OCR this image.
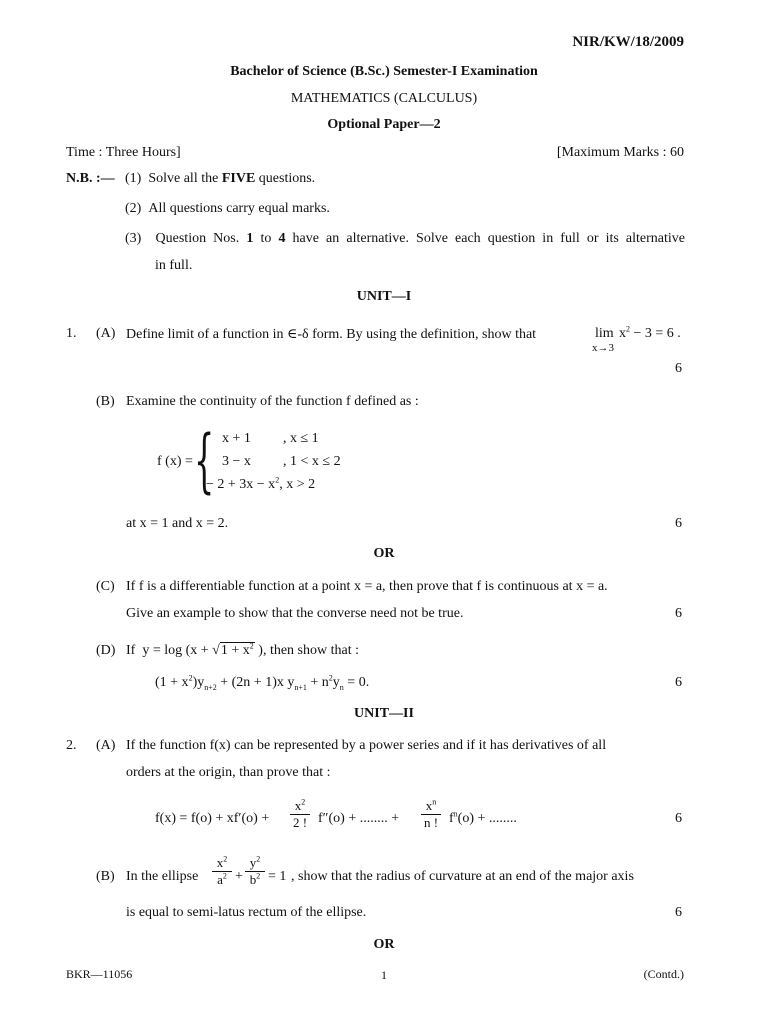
NIR/KW/18/2009
Bachelor of Science (B.Sc.) Semester-I Examination
MATHEMATICS (CALCULUS)
Optional Paper—2
Time : Three Hours]	[Maximum Marks : 60
N.B. :— (1) Solve all the FIVE questions.
(2) All questions carry equal marks.
(3) Question Nos. 1 to 4 have an alternative. Solve each question in full or its alternative
in full.
UNIT—I
1. (A) Define limit of a function in ∈-δ form. By using the definition, show that	lim
x→3
$x^2 - 3 = 6$ .
6
(B) Examine the continuity of the function f defined as :
f (x) = { x + 1 , x ≤ 1
3 − x , 1 < x ≤ 2
− $2 + 3x - x^2$, x > 2
at x = 1 and x = 2.	6
OR
(C) If f is a differentiable function at a point x = a, then prove that f is continuous at x = a.
Give an example to show that the converse need not be true.	6
(D) If $y = \log (x + √1 + x^2$ ), then show that :
$(1 + x^2)y_{n+2} + (2n + 1)x$ $y_{n+1} + n^2y_n = 0$.	6
UNIT—II
2. (A) If the function f(x) can be represented by a power series and if it has derivatives of all
orders at the origin, than prove that :
f(x) = f(o) + xf′(o) +
$x^2$
2 ! f″(o) + ........ +
$x^n$
n ! $f^n(o)$ + ........	6
(B) In the ellipse
$x^2$
$a^2$ +
$y^2$
$b^2 = 1$ , show that the radius of curvature at an end of the major axis
is equal to semi-latus rectum of the ellipse.	6
OR
BKR—11056	1	(Contd.)
